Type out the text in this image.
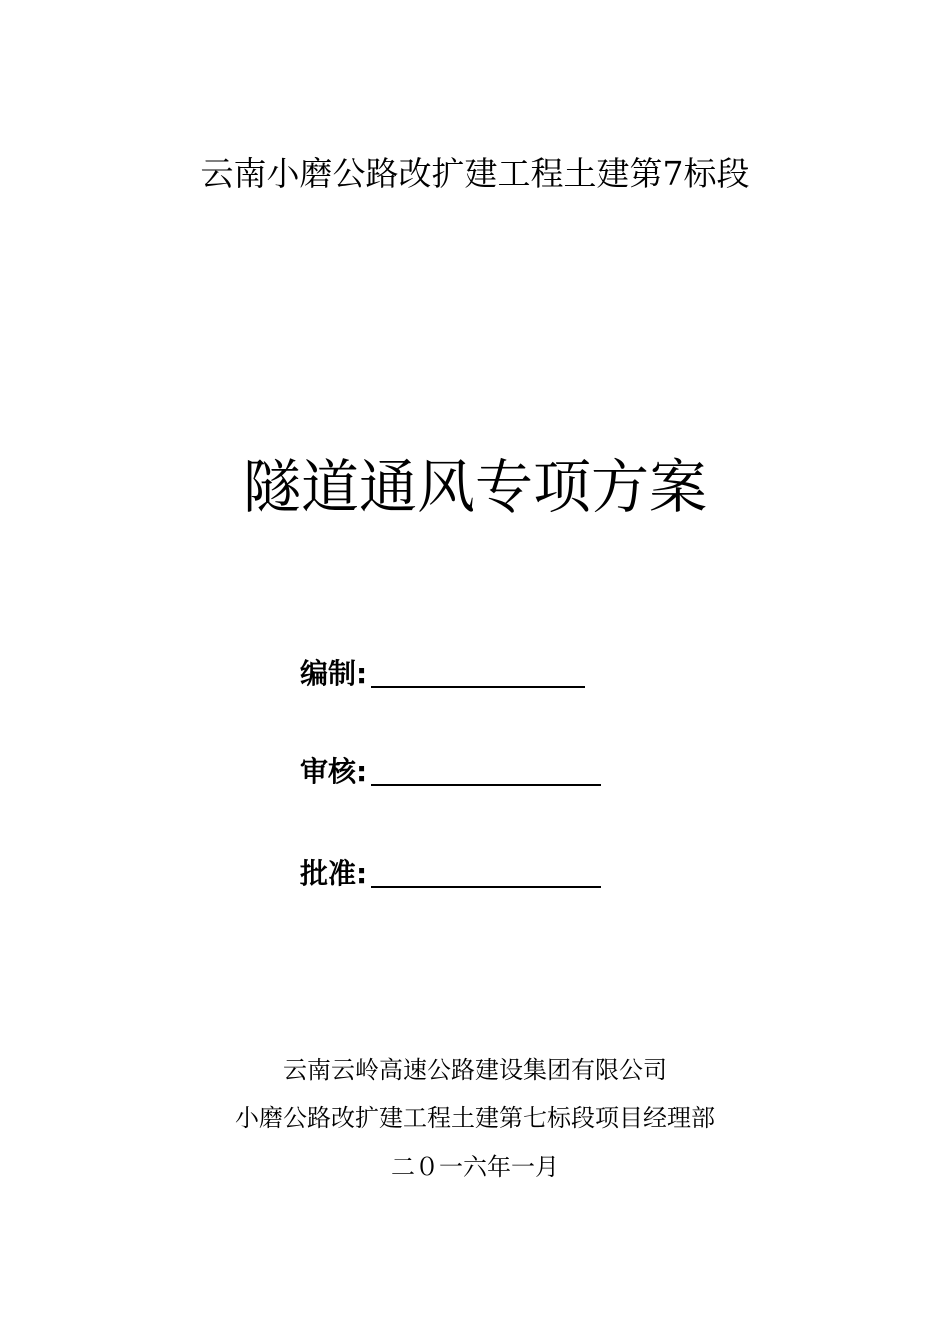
云南小磨公路改扩建工程土建第7标段
隧道通风专项方案
编制:
审核:
批准:
云南云岭高速公路建设集团有限公司
小磨公路改扩建工程土建第七标段项目经理部
二０一六年一月
